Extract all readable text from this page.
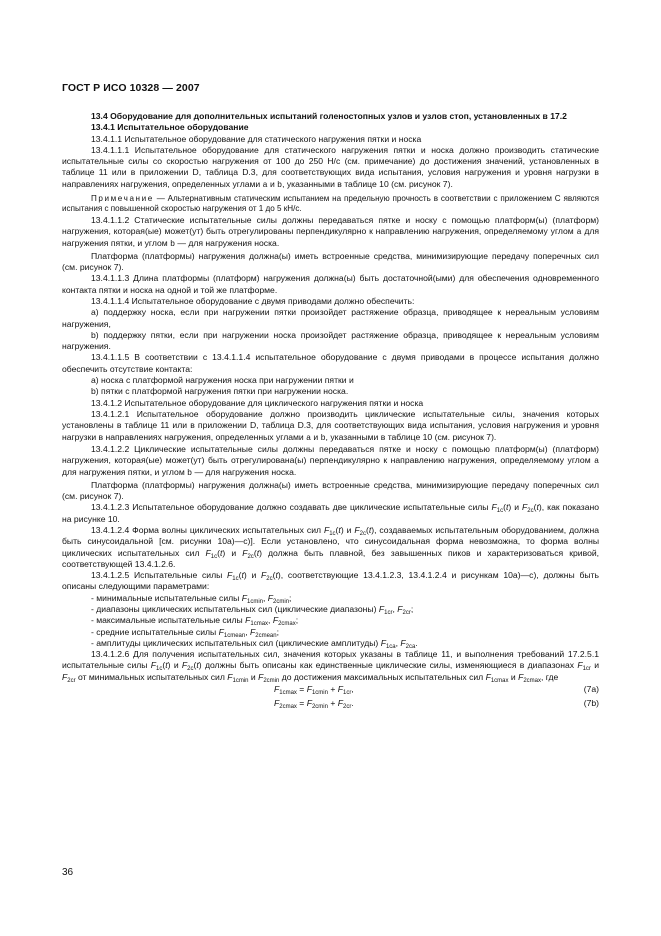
ГОСТ Р ИСО 10328 — 2007

13.4 Оборудование для дополнительных испытаний голеностопных узлов и узлов стоп, установленных в 17.2

13.4.1 Испытательное оборудование

13.4.1.1 Испытательное оборудование для статического нагружения пятки и носка

13.4.1.1.1 Испытательное оборудование для статического нагружения пятки и носка должно производить статические испытательные силы со скоростью нагружения от 100 до 250 Н/с (см. примечание) до достижения значений, установленных в таблице 11 или в приложении D, таблица D.3, для соответствующих вида испытания, условия нагружения и уровня нагрузки в направлениях нагружения, определенных углами a и b, указанными в таблице 10 (см. рисунок 7).

Примечание — Альтернативным статическим испытанием на предельную прочность в соответствии с приложением C являются испытания с повышенной скоростью нагружения от 1 до 5 кН/с.

13.4.1.1.2 Статические испытательные силы должны передаваться пятке и носку с помощью платформ(ы) (платформ) нагружения, которая(ые) может(ут) быть отрегулированы перпендикулярно к направлению нагружения, определяемому углом a для нагружения пятки, и углом b — для нагружения носка.

Платформа (платформы) нагружения должна(ы) иметь встроенные средства, минимизирующие передачу поперечных сил (см. рисунок 7).

13.4.1.1.3 Длина платформы (платформ) нагружения должна(ы) быть достаточной(ыми) для обеспечения одновременного контакта пятки и носка на одной и той же платформе.

13.4.1.1.4 Испытательное оборудование с двумя приводами должно обеспечить:

a) поддержку носка, если при нагружении пятки произойдет растяжение образца, приводящее к нереальным условиям нагружения,

b) поддержку пятки, если при нагружении носка произойдет растяжение образца, приводящее к нереальным условиям нагружения.

13.4.1.1.5 В соответствии с 13.4.1.1.4 испытательное оборудование с двумя приводами в процессе испытания должно обеспечить отсутствие контакта:

a) носка с платформой нагружения носка при нагружении пятки и

b) пятки с платформой нагружения пятки при нагружении носка.

13.4.1.2 Испытательное оборудование для циклического нагружения пятки и носка

13.4.1.2.1 Испытательное оборудование должно производить циклические испытательные силы, значения которых установлены в таблице 11 или в приложении D, таблица D.3, для соответствующих вида испытания, условия нагружения и уровня нагрузки в направлениях нагружения, определенных углами a и b, указанными в таблице 10 (см. рисунок 7).

13.4.1.2.2 Циклические испытательные силы должны передаваться пятке и носку с помощью платформ(ы) (платформ) нагружения, которая(ые) может(ут) быть отрегулирована(ы) перпендикулярно к направлению нагружения, определяемому углом a для нагружения пятки, и углом b — для нагружения носка.

Платформа (платформы) нагружения должна(ы) иметь встроенные средства, минимизирующие передачу поперечных сил (см. рисунок 7).

13.4.1.2.3 Испытательное оборудование должно создавать две циклические испытательные силы $F_{1c}(t)$ и $F_{2c}(t)$, как показано на рисунке 10.

13.4.1.2.4 Форма волны циклических испытательных сил $F_{1c}(t)$ и $F_{2c}(t)$, создаваемых испытательным оборудованием, должна быть синусоидальной [см. рисунки 10a)—c)]. Если установлено, что синусоидальная форма невозможна, то форма волны циклических испытательных сил $F_{1c}(t)$ и $F_{2c}(t)$ должна быть плавной, без завышенных пиков и характеризоваться кривой, соответствующей 13.4.1.2.6.

13.4.1.2.5 Испытательные силы $F_{1c}(t)$ и $F_{2c}(t)$, соответствующие 13.4.1.2.3, 13.4.1.2.4 и рисункам 10a)—c), должны быть описаны следующими параметрами:

- минимальные испытательные силы $F_{1cmin}$, $F_{2cmin}$;

- диапазоны циклических испытательных сил (циклические диапазоны) $F_{1cr}$, $F_{2cr}$;

- максимальные испытательные силы $F_{1cmax}$, $F_{2cmax}$;

- средние испытательные силы $F_{1cmean}$, $F_{2cmean}$;

- амплитуды циклических испытательных сил (циклические амплитуды) $F_{1ca}$, $F_{2ca}$.

13.4.1.2.6 Для получения испытательных сил, значения которых указаны в таблице 11, и выполнения требований 17.2.5.1 испытательные силы $F_{1c}(t)$ и $F_{2c}(t)$ должны быть описаны как единственные циклические силы, изменяющиеся в диапазонах $F_{1cr}$ и $F_{2cr}$ от минимальных испытательных сил $F_{1cmin}$ и $F_{2cmin}$ до достижения максимальных испытательных сил $F_{1cmax}$ и $F_{2cmax}$, где

$F_{1cmax} = F_{1cmin} + F_{1cr}$,	(7a)
$F_{2cmax} = F_{2cmin} + F_{2cr}$.	(7b)
36
